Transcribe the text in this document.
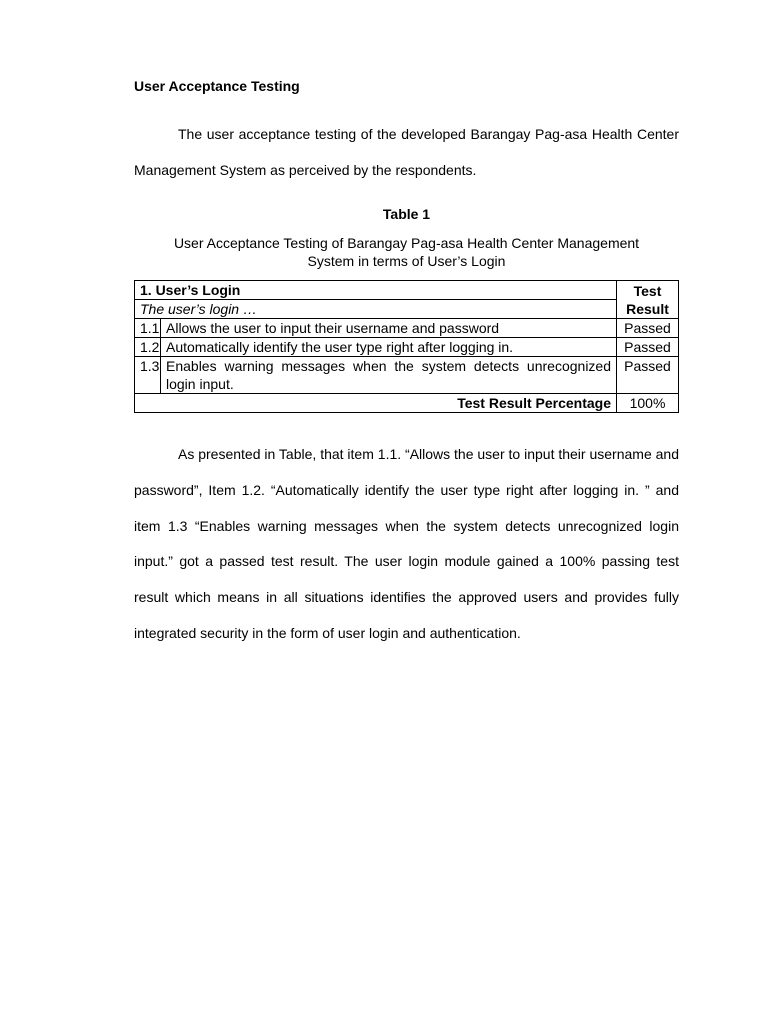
User Acceptance Testing

The user acceptance testing of the developed Barangay Pag-asa Health Center Management System as perceived by the respondents.

Table 1
User Acceptance Testing of Barangay Pag-asa Health Center Management
System in terms of User’s Login
1. User’s Login		Test Result
The user’s login …		
1.1	Allows the user to input their username and password	Passed
1.2	Automatically identify the user type right after logging in.	Passed
1.3	Enables warning messages when the system detects unrecognized login input.	Passed
Test Result Percentage		100%

As presented in Table, that item 1.1. “Allows the user to input their username and password”, Item 1.2. “Automatically identify the user type right after logging in. ” and item 1.3 “Enables warning messages when the system detects unrecognized login input.” got a passed test result. The user login module gained a 100% passing test result which means in all situations identifies the approved users and provides fully integrated security in the form of user login and authentication.
